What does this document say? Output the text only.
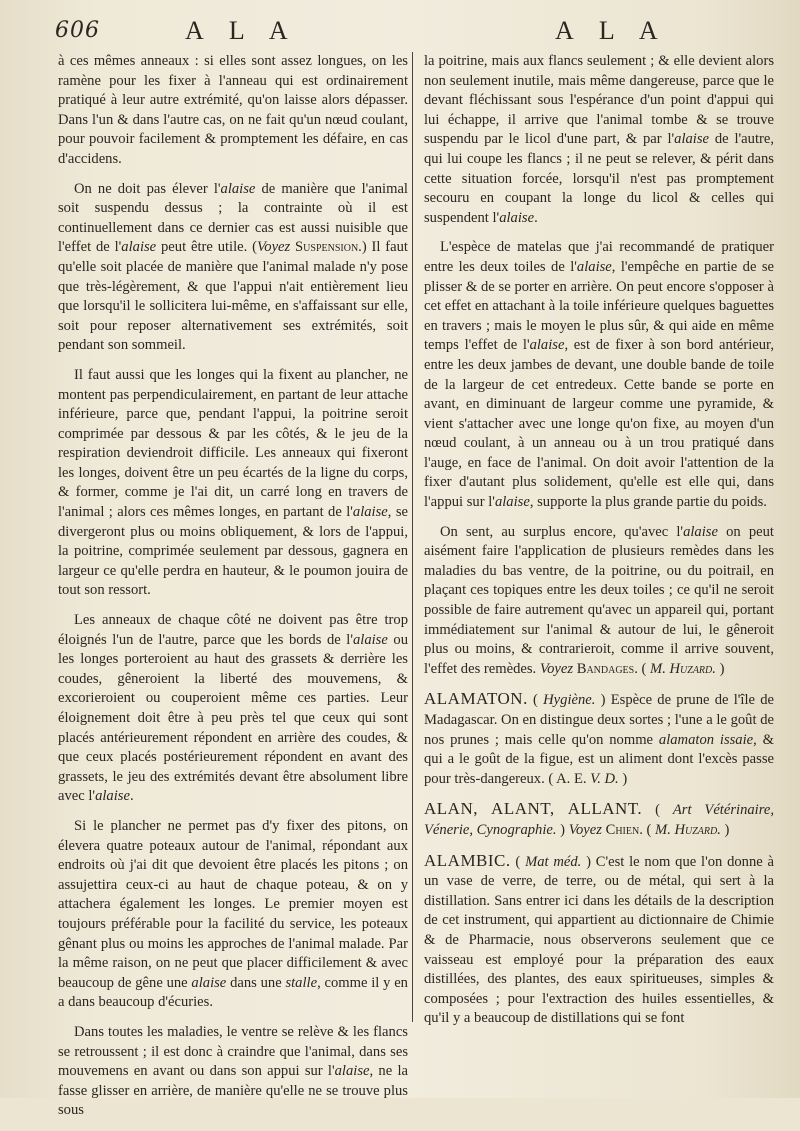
606	A L A	A L A

à ces mêmes anneaux : si elles sont assez longues, on les ramène pour les fixer à l'anneau qui est ordinairement pratiqué à leur autre extrémité, qu'on laisse alors dépasser. Dans l'un & dans l'autre cas, on ne fait qu'un nœud coulant, pour pouvoir facilement & promptement les défaire, en cas d'accidens.

On ne doit pas élever l'alaise de manière que l'animal soit suspendu dessus ; la contrainte où il est continuellement dans ce dernier cas est aussi nuisible que l'effet de l'alaise peut être utile. (Voyez Suspension.) Il faut qu'elle soit placée de manière que l'animal malade n'y pose que très-légèrement, & que l'appui n'ait entièrement lieu que lorsqu'il le sollicitera lui-même, en s'affaissant sur elle, soit pour reposer alternativement ses extrémités, soit pendant son sommeil.

Il faut aussi que les longes qui la fixent au plancher, ne montent pas perpendiculairement, en partant de leur attache inférieure, parce que, pendant l'appui, la poitrine seroit comprimée par dessous & par les côtés, & le jeu de la respiration deviendroit difficile. Les anneaux qui fixeront les longes, doivent être un peu écartés de la ligne du corps, & former, comme je l'ai dit, un carré long en travers de l'animal ; alors ces mêmes longes, en partant de l'alaise, se divergeront plus ou moins obliquement, & lors de l'appui, la poitrine, comprimée seulement par dessous, gagnera en largeur ce qu'elle perdra en hauteur, & le poumon jouira de tout son ressort.

Les anneaux de chaque côté ne doivent pas être trop éloignés l'un de l'autre, parce que les bords de l'alaise ou les longes porteroient au haut des grassets & derrière les coudes, gêneroient la liberté des mouvemens, & excorieroient ou couperoient même ces parties. Leur éloignement doit être à peu près tel que ceux qui sont placés antérieurement répondent en arrière des coudes, & que ceux placés postérieurement répondent en avant des grassets, le jeu des extrémités devant être absolument libre avec l'alaise.

Si le plancher ne permet pas d'y fixer des pitons, on élevera quatre poteaux autour de l'animal, répondant aux endroits où j'ai dit que devoient être placés les pitons ; on assujettira ceux-ci au haut de chaque poteau, & on y attachera également les longes. Le premier moyen est toujours préférable pour la facilité du service, les poteaux gênant plus ou moins les approches de l'animal malade. Par la même raison, on ne peut que placer difficilement & avec beaucoup de gêne une alaise dans une stalle, comme il y en a dans beaucoup d'écuries.

Dans toutes les maladies, le ventre se relève & les flancs se retroussent ; il est donc à craindre que l'animal, dans ses mouvemens en avant ou dans son appui sur l'alaise, ne la fasse glisser en arrière, de manière qu'elle ne se trouve plus sous

la poitrine, mais aux flancs seulement ; & elle devient alors non seulement inutile, mais même dangereuse, parce que le devant fléchissant sous l'espérance d'un point d'appui qui lui échappe, il arrive que l'animal tombe & se trouve suspendu par le licol d'une part, & par l'alaise de l'autre, qui lui coupe les flancs ; il ne peut se relever, & périt dans cette situation forcée, lorsqu'il n'est pas promptement secouru en coupant la longe du licol & celles qui suspendent l'alaise.

L'espèce de matelas que j'ai recommandé de pratiquer entre les deux toiles de l'alaise, l'empêche en partie de se plisser & de se porter en arrière. On peut encore s'opposer à cet effet en attachant à la toile inférieure quelques baguettes en travers ; mais le moyen le plus sûr, & qui aide en même temps l'effet de l'alaise, est de fixer à son bord antérieur, entre les deux jambes de devant, une double bande de toile de la largeur de cet entredeux. Cette bande se porte en avant, en diminuant de largeur comme une pyramide, & vient s'attacher avec une longe qu'on fixe, au moyen d'un nœud coulant, à un anneau ou à un trou pratiqué dans l'auge, en face de l'animal. On doit avoir l'attention de la fixer d'autant plus solidement, qu'elle est elle qui, dans l'appui sur l'alaise, supporte la plus grande partie du poids.

On sent, au surplus encore, qu'avec l'alaise on peut aisément faire l'application de plusieurs remèdes dans les maladies du bas ventre, de la poitrine, ou du poitrail, en plaçant ces topiques entre les deux toiles ; ce qu'il ne seroit possible de faire autrement qu'avec un appareil qui, portant immédiatement sur l'animal & autour de lui, le gêneroit plus ou moins, & contrarieroit, comme il arrive souvent, l'effet des remèdes. Voyez Bandages. ( M. Huzard. )

ALAMATON. ( Hygiène. ) Espèce de prune de l'île de Madagascar. On en distingue deux sortes ; l'une a le goût de nos prunes ; mais celle qu'on nomme alamaton issaie, & qui a le goût de la figue, est un aliment dont l'excès passe pour très-dangereux. ( A. E. V. D. )

ALAN, ALANT, ALLANT. ( Art Vétérinaire, Vénerie, Cynographie. ) Voyez Chien. ( M. Huzard. )

ALAMBIC. ( Mat méd. ) C'est le nom que l'on donne à un vase de verre, de terre, ou de métal, qui sert à la distillation. Sans entrer ici dans les détails de la description de cet instrument, qui appartient au dictionnaire de Chimie & de Pharmacie, nous observerons seulement que ce vaisseau est employé pour la préparation des eaux distillées, des plantes, des eaux spiritueuses, simples & composées ; pour l'extraction des huiles essentielles, & qu'il y a beaucoup de distillations qui se font
